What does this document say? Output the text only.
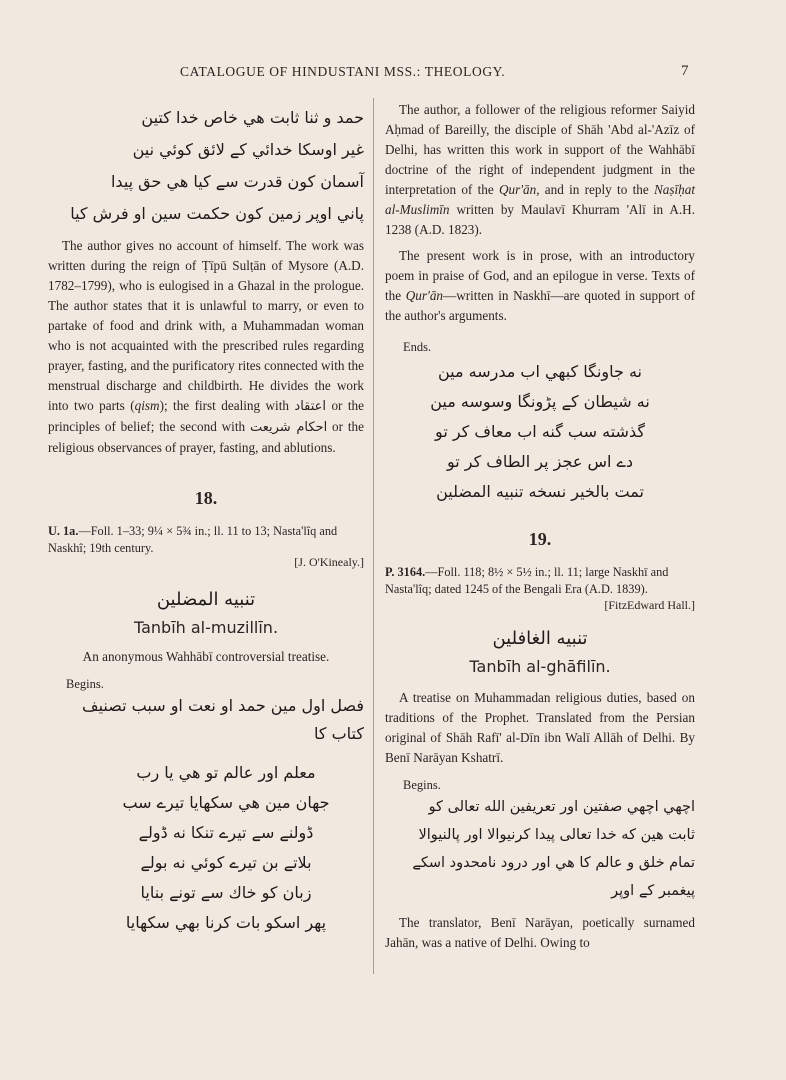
CATALOGUE OF HINDUSTANI MSS.: THEOLOGY.	7
حمد و ثنا ثابت هي خاص خدا كتين
غير اوسكا خدائي كے لائق كوئي نين
آسمان كون قدرت سے كيا هي حق پيدا
پاني اوپر زمين كون حكمت سين او فرش كيا

The author gives no account of himself. The work was written during the reign of Ṭīpū Sulṭān of Mysore (A.D. 1782–1799), who is eulogised in a Ghazal in the prologue. The author states that it is unlawful to marry, or even to partake of food and drink with, a Muhammadan woman who is not acquainted with the prescribed rules regarding prayer, fasting, and the purificatory rites connected with the menstrual discharge and childbirth. He divides the work into two parts (qism); the first dealing with اعتقاد or the principles of belief; the second with احكام شريعت or the religious observances of prayer, fasting, and ablutions.

18.

U. 1a.—Foll. 1–33; 9¼ × 5¾ in.; ll. 11 to 13; Nasta'lîq and Naskhî; 19th century.

[J. O'Kinealy.]

تنبيه المضلين

Tanbīh al-muzillīn.

An anonymous Wahhābī controversial treatise.

Begins.

فصل اول مين حمد او نعت او سبب تصنيف
كتاب كا
معلم اور عالم تو هي يا رب
جهان مين هي سكهايا تيرے سب
ڈولنے سے تيرے تنكا نه ڈولے
بلاتے بن تيرے كوئي نه بولے
زبان كو خاك سے تونے بنايا
پھر اسكو بات كرنا بھي سكھايا

The author, a follower of the religious reformer Saiyid Aḥmad of Bareilly, the disciple of Shāh 'Abd al-'Azīz of Delhi, has written this work in support of the Wahhābī doctrine of the right of independent judgment in the interpretation of the Qur'ān, and in reply to the Naṣīḥat al-Muslimīn written by Maulavī Khurram 'Alī in A.H. 1238 (A.D. 1823).

The present work is in prose, with an introductory poem in praise of God, and an epilogue in verse. Texts of the Qur'ān—written in Naskhī—are quoted in support of the author's arguments.

Ends.

نه جاونگا كبهي اب مدرسه مين
نه شيطان كے پڑونگا وسوسه مين
گذشته سب گنه اب معاف كر تو
دے اس عجز پر الطاف كر تو
تمت بالخير نسخه تنبيه المضلين

19.

P. 3164.—Foll. 118; 8½ × 5½ in.; ll. 11; large Naskhī and Nasta'lîq; dated 1245 of the Bengali Era (A.D. 1839).

[FitzEdward Hall.]

تنبيه الغافلين

Tanbīh al-ghāfilīn.

A treatise on Muhammadan religious duties, based on traditions of the Prophet. Translated from the Persian original of Shāh Rafī' al-Dīn ibn Walī Allāh of Delhi. By Benī Narāyan Kshatrī.

Begins.

اچھي اچھي صفتين اور تعريفين الله تعالى كو
ثابت هين كه خدا تعالى پيدا كرنيوالا اور پالنيوالا
تمام خلق و عالم كا هي اور درود نامحدود اسكے
پيغمبر كے اوپر

The translator, Benī Narāyan, poetically surnamed Jahān, was a native of Delhi. Owing to
